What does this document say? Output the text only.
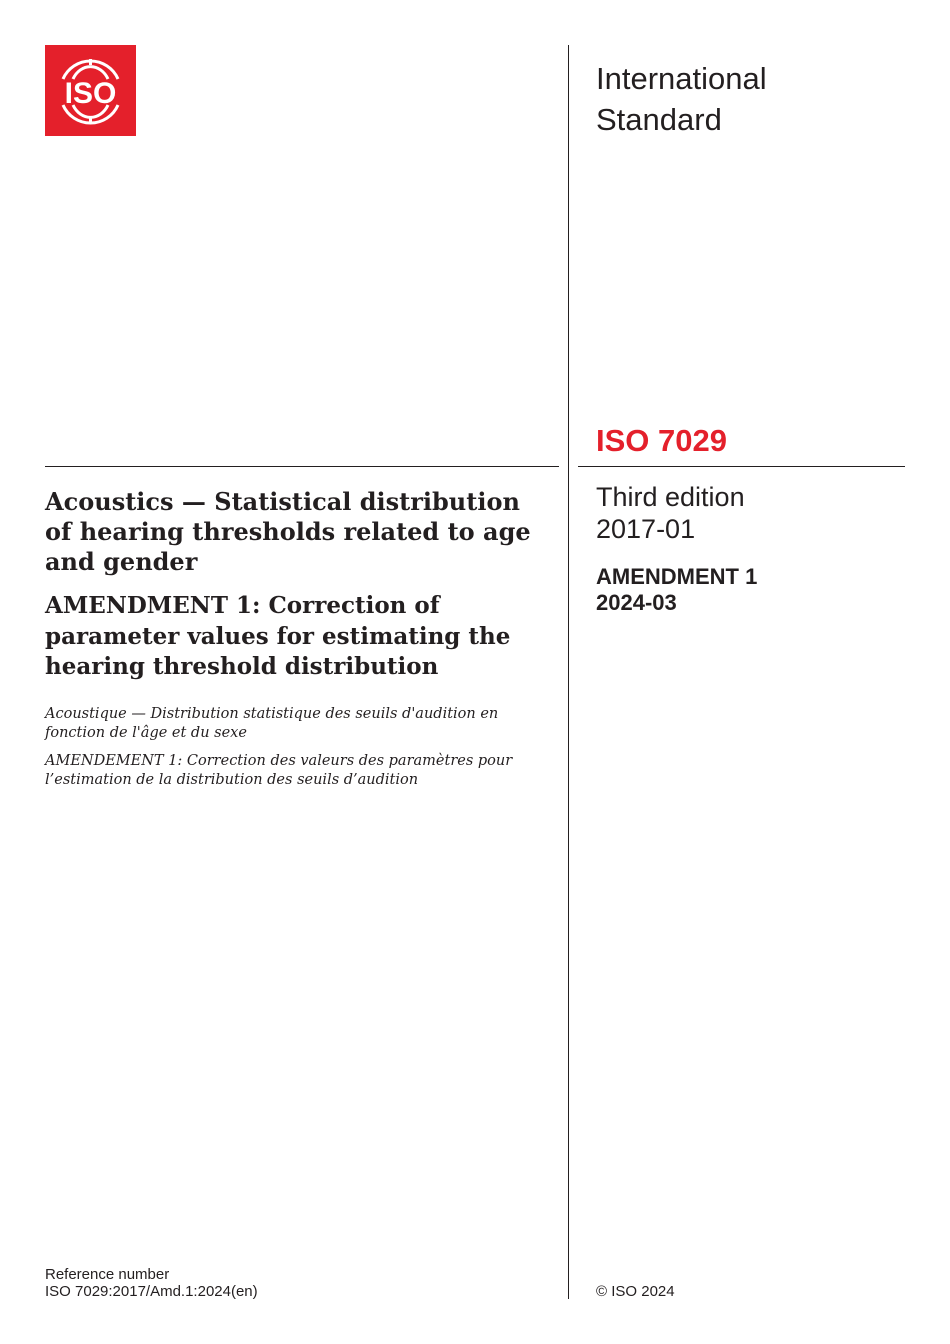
ISO	International
Standard
ISO 7029
Third edition
2017-01
AMENDMENT 1
2024-03
Acoustics — Statistical distribution of hearing thresholds related to age and gender
AMENDMENT 1: Correction of parameter values for estimating the hearing threshold distribution

Acoustique — Distribution statistique des seuils d'audition en fonction de l'âge et du sexe

AMENDEMENT 1: Correction des valeurs des paramètres pour l’estimation de la distribution des seuils d’audition

Reference number
ISO 7029:2017/Amd.1:2024(en)	© ISO 2024
